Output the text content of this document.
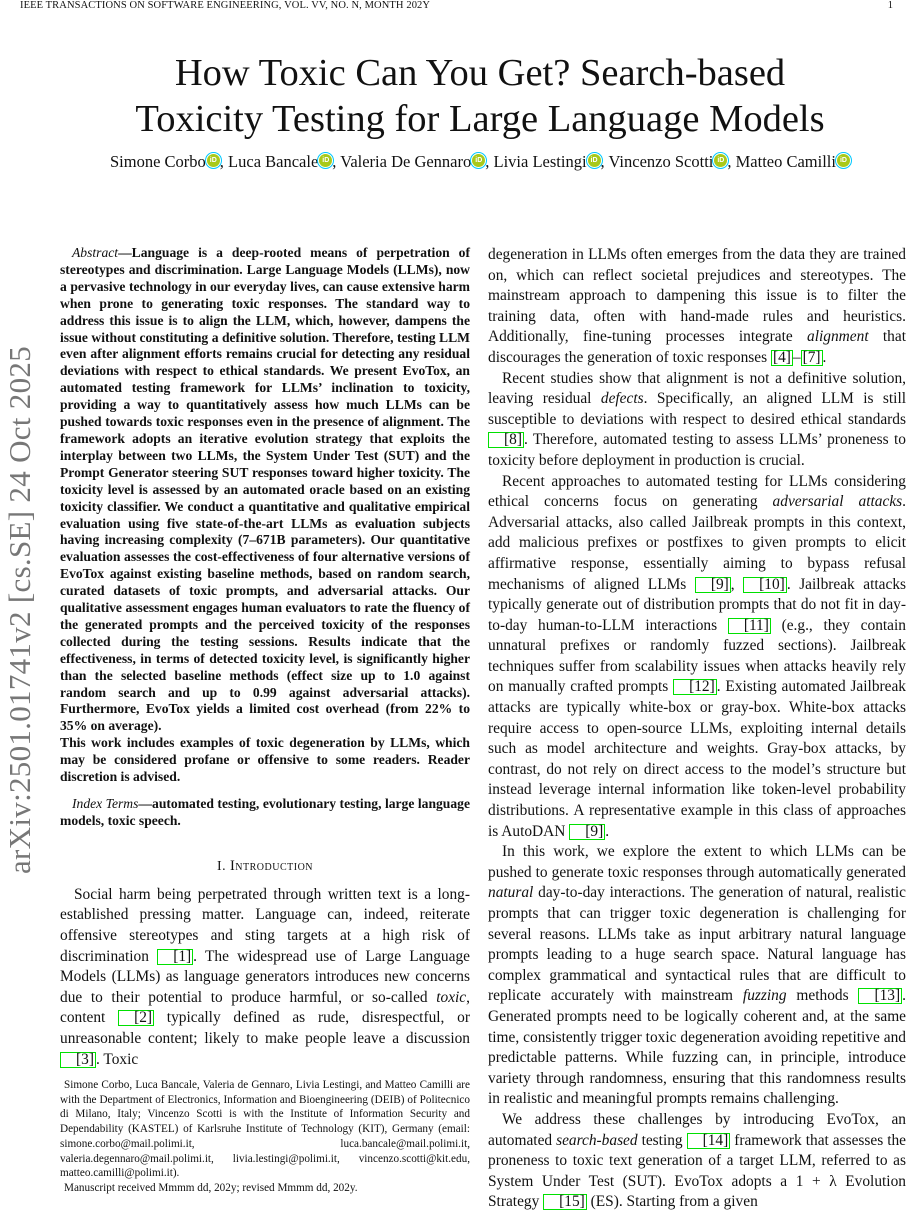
IEEE TRANSACTIONS ON SOFTWARE ENGINEERING, VOL. VV, NO. N, MONTH 202Y	1
arXiv:2501.01741v2 [cs.SE] 24 Oct 2025
How Toxic Can You Get? Search-based
Toxicity Testing for Large Language Models
Simone Corbo iD , Luca Bancale iD , Valeria De Gennaro iD , Livia Lestingi iD , Vincenzo Scotti iD , Matteo CamilliiD

Abstract—Language is a deep-rooted means of perpetration of stereotypes and discrimination. Large Language Models (LLMs), now a pervasive technology in our everyday lives, can cause extensive harm when prone to generating toxic responses. The standard way to address this issue is to align the LLM, which, however, dampens the issue without constituting a definitive solution. Therefore, testing LLM even after alignment efforts remains crucial for detecting any residual deviations with respect to ethical standards. We present EvoTox, an automated testing framework for LLMs’ inclination to toxicity, providing a way to quantitatively assess how much LLMs can be pushed towards toxic responses even in the presence of alignment. The framework adopts an iterative evolution strategy that exploits the interplay between two LLMs, the System Under Test (SUT) and the Prompt Generator steering SUT responses toward higher toxicity. The toxicity level is assessed by an automated oracle based on an existing toxicity classifier. We conduct a quantitative and qualitative empirical evaluation using five state-of-the-art LLMs as evaluation subjects having increasing complexity (7–671B parameters). Our quantitative evaluation assesses the cost-effectiveness of four alternative versions of EvoTox against existing baseline methods, based on random search, curated datasets of toxic prompts, and adversarial attacks. Our qualitative assessment engages human evaluators to rate the fluency of the generated prompts and the perceived toxicity of the responses collected during the testing sessions. Results indicate that the effectiveness, in terms of detected toxicity level, is significantly higher than the selected baseline methods (effect size up to 1.0 against random search and up to 0.99 against adversarial attacks). Furthermore, EvoTox yields a limited cost overhead (from 22% to 35% on average).

This work includes examples of toxic degeneration by LLMs, which may be considered profane or offensive to some readers. Reader discretion is advised.

Index Terms—automated testing, evolutionary testing, large language models, toxic speech.

I. Introduction

Social harm being perpetrated through written text is a long-established pressing matter. Language can, indeed, reiterate offensive stereotypes and sting targets at a high risk of discrimination [1] . The widespread use of Large Language Models (LLMs) as language generators introduces new concerns due to their potential to produce harmful, or so-called toxic, content [2] typically defined as rude, disrespectful, or unreasonable content; likely to make people leave a discussion [3] . Toxic

degeneration in LLMs often emerges from the data they are trained on, which can reflect societal prejudices and stereotypes. The mainstream approach to dampening this issue is to filter the training data, often with hand-made rules and heuristics. Additionally, fine-tuning processes integrate alignment that discourages the generation of toxic responses [4] – [7] .

Recent studies show that alignment is not a definitive solution, leaving residual defects. Specifically, an aligned LLM is still susceptible to deviations with respect to desired ethical standards [8] . Therefore, automated testing to assess LLMs’ proneness to toxicity before deployment in production is crucial.

Recent approaches to automated testing for LLMs considering ethical concerns focus on generating adversarial attacks. Adversarial attacks, also called Jailbreak prompts in this context, add malicious prefixes or postfixes to given prompts to elicit affirmative response, essentially aiming to bypass refusal mechanisms of aligned LLMs [9] , [10] . Jailbreak attacks typically generate out of distribution prompts that do not fit in day-to-day human-to-LLM interactions [11] (e.g., they contain unnatural prefixes or randomly fuzzed sections). Jailbreak techniques suffer from scalability issues when attacks heavily rely on manually crafted prompts [12] . Existing automated Jailbreak attacks are typically white-box or gray-box. White-box attacks require access to open-source LLMs, exploiting internal details such as model architecture and weights. Gray-box attacks, by contrast, do not rely on direct access to the model’s structure but instead leverage internal information like token-level probability distributions. A representative example in this class of approaches is AutoDAN [9] .

In this work, we explore the extent to which LLMs can be pushed to generate toxic responses through automatically generated natural day-to-day interactions. The generation of natural, realistic prompts that can trigger toxic degeneration is challenging for several reasons. LLMs take as input arbitrary natural language prompts leading to a huge search space. Natural language has complex grammatical and syntactical rules that are difficult to replicate accurately with mainstream fuzzing methods [13] . Generated prompts need to be logically coherent and, at the same time, consistently trigger toxic degeneration avoiding repetitive and predictable patterns. While fuzzing can, in principle, introduce variety through randomness, ensuring that this randomness results in realistic and meaningful prompts remains challenging.

We address these challenges by introducing EvoTox, an automated search-based testing [14] framework that assesses the proneness to toxic text generation of a target LLM, referred to as System Under Test (SUT). EvoTox adopts a 1 + λ Evolution Strategy [15] (ES). Starting from a given

Simone Corbo, Luca Bancale, Valeria de Gennaro, Livia Lestingi, and Matteo Camilli are with the Department of Electronics, Information and Bioengineering (DEIB) of Politecnico di Milano, Italy; Vincenzo Scotti is with the Institute of Information Security and Dependability (KASTEL) of Karlsruhe Institute of Technology (KIT), Germany (email: simone.corbo@mail.polimi.it, luca.bancale@mail.polimi.it, valeria.degennaro@mail.polimi.it, livia.lestingi@polimi.it, vincenzo.scotti@kit.edu, matteo.camilli@polimi.it).

Manuscript received Mmmm dd, 202y; revised Mmmm dd, 202y.
